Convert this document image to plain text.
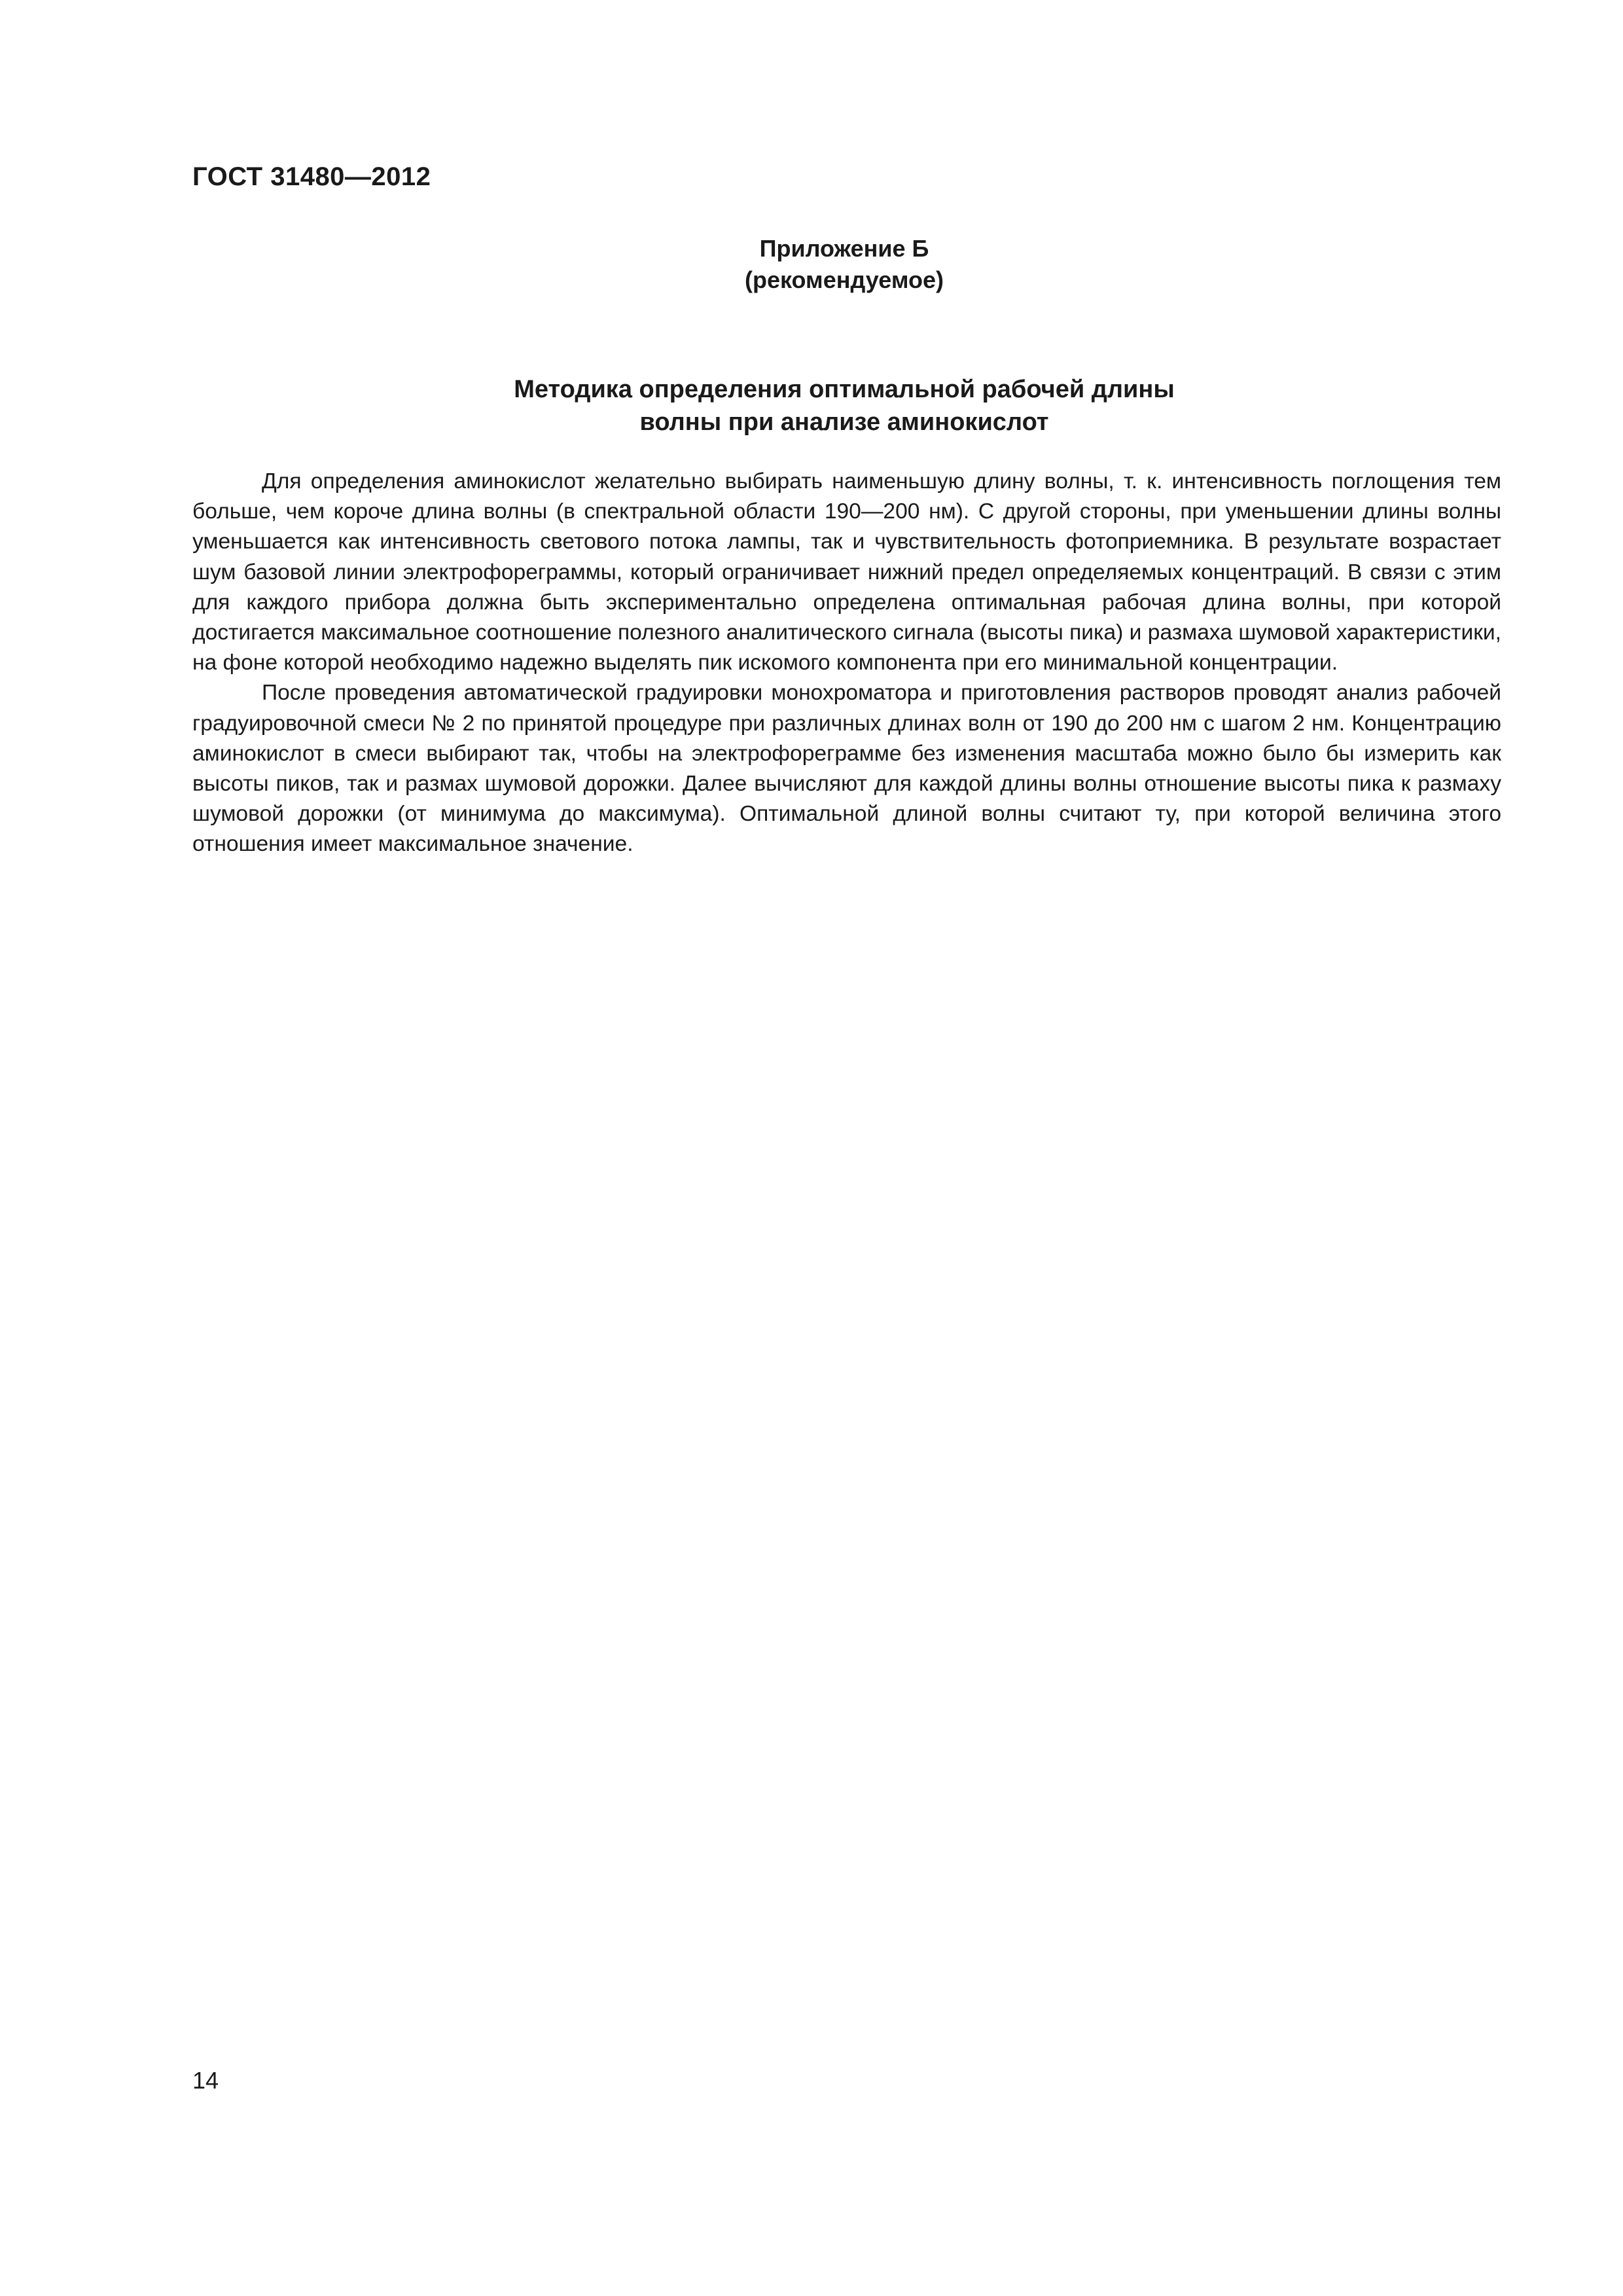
ГОСТ 31480—2012
Приложение Б
(рекомендуемое)
Методика определения оптимальной рабочей длины
волны при анализе аминокислот

Для определения аминокислот желательно выбирать наименьшую длину волны, т. к. интенсивность поглощения тем больше, чем короче длина волны (в спектральной области 190—200 нм). С другой стороны, при уменьшении длины волны уменьшается как интенсивность светового потока лампы, так и чувствительность фотоприемника. В результате возрастает шум базовой линии электрофореграммы, который ограничивает нижний предел определяемых концентраций. В связи с этим для каждого прибора должна быть экспериментально определена оптимальная рабочая длина волны, при которой достигается максимальное соотношение полезного аналитического сигнала (высоты пика) и размаха шумовой характеристики, на фоне которой необходимо надежно выделять пик искомого компонента при его минимальной концентрации.

После проведения автоматической градуировки монохроматора и приготовления растворов проводят анализ рабочей градуировочной смеси № 2 по принятой процедуре при различных длинах волн от 190 до 200 нм с шагом 2 нм. Концентрацию аминокислот в смеси выбирают так, чтобы на электрофореграмме без изменения масштаба можно было бы измерить как высоты пиков, так и размах шумовой дорожки. Далее вычисляют для каждой длины волны отношение высоты пика к размаху шумовой дорожки (от минимума до максимума). Оптимальной длиной волны считают ту, при которой величина этого отношения имеет максимальное значение.

14
